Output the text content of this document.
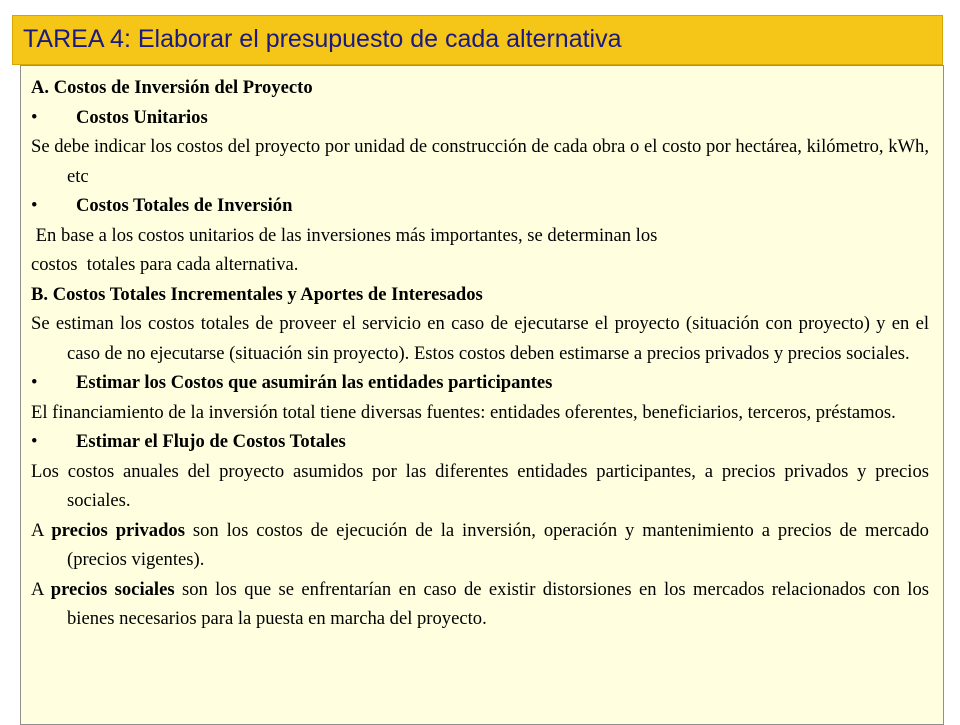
TAREA 4: Elaborar el presupuesto de cada alternativa

A. Costos de Inversión del Proyecto

•	Costos Unitarios

Se debe indicar los costos del proyecto por unidad de construcción de cada obra o el costo por hectárea, kilómetro, kWh, etc

•	Costos Totales de Inversión

En base a los costos unitarios de las inversiones más importantes, se determinan los

costos  totales para cada alternativa.

B. Costos Totales Incrementales y Aportes de Interesados

Se estiman los costos totales de proveer el servicio en caso de ejecutarse el proyecto (situación con proyecto) y en el caso de no ejecutarse (situación sin proyecto). Estos costos deben estimarse a precios privados y precios sociales.

•	Estimar los Costos que asumirán las entidades participantes

El financiamiento de la inversión total tiene diversas fuentes: entidades oferentes, beneficiarios, terceros, préstamos.

•	Estimar el Flujo de Costos Totales

Los costos anuales del proyecto asumidos por las diferentes entidades participantes, a precios privados y precios sociales.

A precios privados son los costos de ejecución de la inversión, operación y mantenimiento a precios de mercado (precios vigentes).

A precios sociales son los que se enfrentarían en caso de existir distorsiones en los mercados relacionados con los bienes necesarios para la puesta en marcha del proyecto.
